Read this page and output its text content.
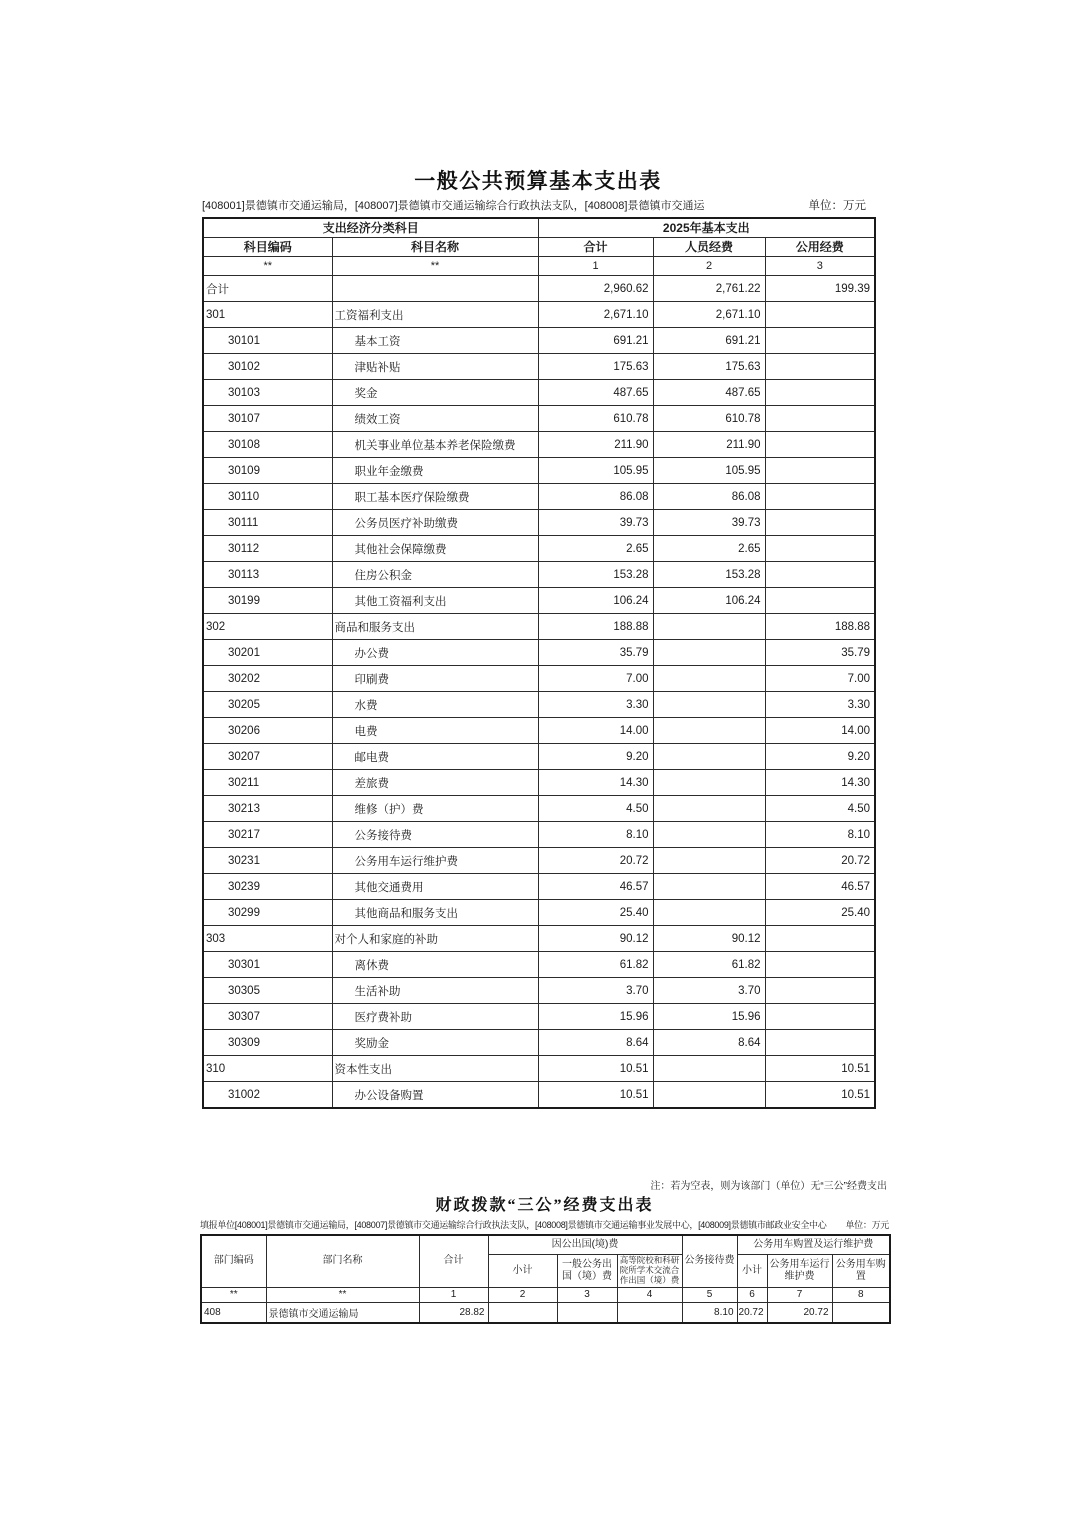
一般公共预算基本支出表
[408001]景德镇市交通运输局，[408007]景德镇市交通运输综合行政执法支队，[408008]景德镇市交通运	单位：万元
支出经济分类科目		2025年基本支出		
科目编码	科目名称	合计	人员经费	公用经费
**	**	1	2	3
合计		2,960.62	2,761.22	199.39
301	工资福利支出	2,671.10	2,671.10	
30101	基本工资	691.21	691.21	
30102	津贴补贴	175.63	175.63	
30103	奖金	487.65	487.65	
30107	绩效工资	610.78	610.78	
30108	机关事业单位基本养老保险缴费	211.90	211.90	
30109	职业年金缴费	105.95	105.95	
30110	职工基本医疗保险缴费	86.08	86.08	
30111	公务员医疗补助缴费	39.73	39.73	
30112	其他社会保障缴费	2.65	2.65	
30113	住房公积金	153.28	153.28	
30199	其他工资福利支出	106.24	106.24	
302	商品和服务支出	188.88		188.88
30201	办公费	35.79		35.79
30202	印刷费	7.00		7.00
30205	水费	3.30		3.30
30206	电费	14.00		14.00
30207	邮电费	9.20		9.20
30211	差旅费	14.30		14.30
30213	维修（护）费	4.50		4.50
30217	公务接待费	8.10		8.10
30231	公务用车运行维护费	20.72		20.72
30239	其他交通费用	46.57		46.57
30299	其他商品和服务支出	25.40		25.40
303	对个人和家庭的补助	90.12	90.12	
30301	离休费	61.82	61.82	
30305	生活补助	3.70	3.70	
30307	医疗费补助	15.96	15.96	
30309	奖励金	8.64	8.64	
310	资本性支出	10.51		10.51
31002	办公设备购置	10.51		10.51
注：若为空表，则为该部门（单位）无“三公”经费支出
财政拨款“三公”经费支出表
填报单位[408001]景德镇市交通运输局，[408007]景德镇市交通运输综合行政执法支队，[408008]景德镇市交通运输事业发展中心，[408009]景德镇市邮政业安全中心 单位：万元
部门编码	部门名称	合计	因公出国(境)费			公务接待费	公务用车购置及运行维护费		
			小计	一般公务出国（境）费	高等院校和科研院所学术交流合作出国（境）费		小计	公务用车运行维护费	公务用车购置
**	**	1	2	3	4	5	6	7	8
408	景德镇市交通运输局	28.82				8.10	20.72	20.72	
